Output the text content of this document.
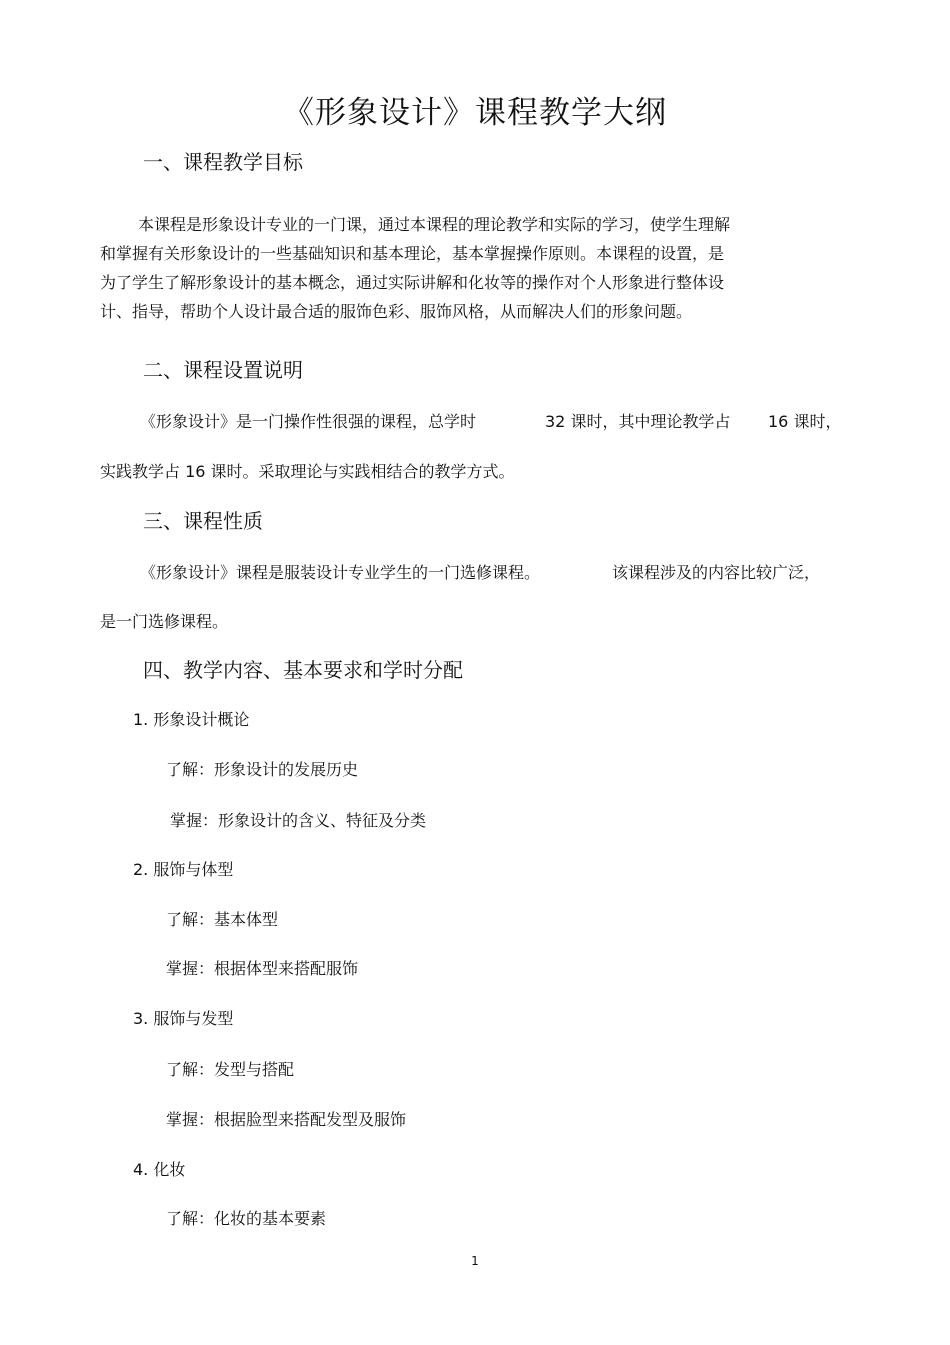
《形象设计》课程教学大纲
一、课程教学目标
本课程是形象设计专业的一门课，通过本课程的理论教学和实际的学习，使学生理解
和掌握有关形象设计的一些基础知识和基本理论，基本掌握操作原则。本课程的设置，是
为了学生了解形象设计的基本概念，通过实际讲解和化妆等的操作对个人形象进行整体设
计、指导，帮助个人设计最合适的服饰色彩、服饰风格，从而解决人们的形象问题。
二、课程设置说明
《形象设计》是一门操作性很强的课程，总学时	32 课时，其中理论教学占 16 课时，
实践教学占 16 课时。采取理论与实践相结合的教学方式。
三、课程性质
《形象设计》课程是服装设计专业学生的一门选修课程。	该课程涉及的内容比较广泛，
是一门选修课程。
四、教学内容、基本要求和学时分配
1. 形象设计概论
了解：形象设计的发展历史
掌握：形象设计的含义、特征及分类
2. 服饰与体型
了解：基本体型
掌握：根据体型来搭配服饰
3. 服饰与发型
了解：发型与搭配
掌握：根据脸型来搭配发型及服饰
4. 化妆
了解：化妆的基本要素
1
